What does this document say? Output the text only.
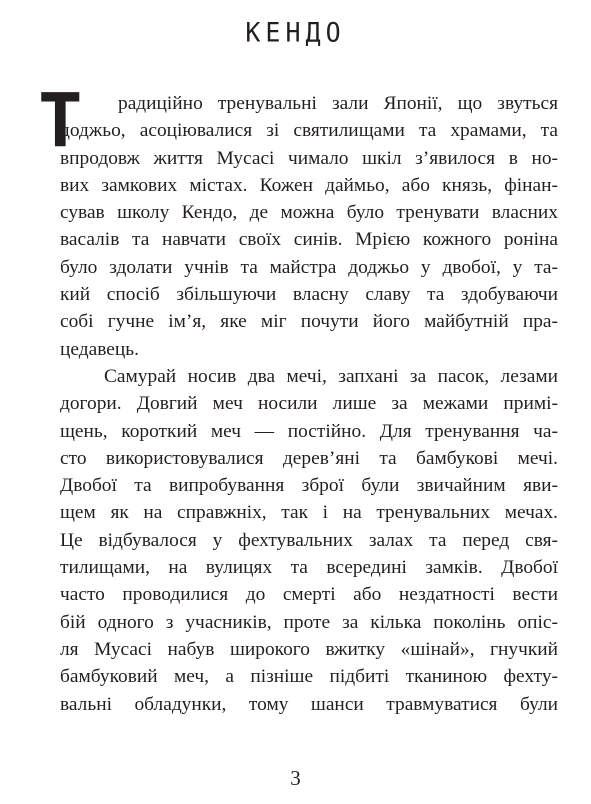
КЕНДО
Т	радиційно тренувальні зали Японії, що звуться
доджьо, асоціювалися зі святилищами та храмами, та
впродовж життя Мусасі чимало шкіл з’явилося в но-
вих замкових містах. Кожен даймьо, або князь, фінан-
сував школу Кендо, де можна було тренувати власних
васалів та навчати своїх синів. Мрією кожного роніна
було здолати учнів та майстра доджьо у двобої, у та-
кий спосіб збільшуючи власну славу та здобуваючи
собі гучне ім’я, яке міг почути його майбутній пра-
цедавець.
Самурай носив два мечі, запхані за пасок, лезами
догори. Довгий меч носили лише за межами примі-
щень, короткий меч — постійно. Для тренування ча-
сто використовувалися дерев’яні та бамбукові мечі.
Двобої та випробування зброї були звичайним яви-
щем як на справжніх, так і на тренувальних мечах.
Це відбувалося у фехтувальних залах та перед свя-
тилищами, на вулицях та всередині замків. Двобої
часто проводилися до смерті або нездатності вести
бій одного з учасників, проте за кілька поколінь опіс-
ля Мусасі набув широкого вжитку «шінай», гнучкий
бамбуковий меч, а пізніше підбиті тканиною фехту-
вальні обладунки, тому шанси травмуватися були
3
